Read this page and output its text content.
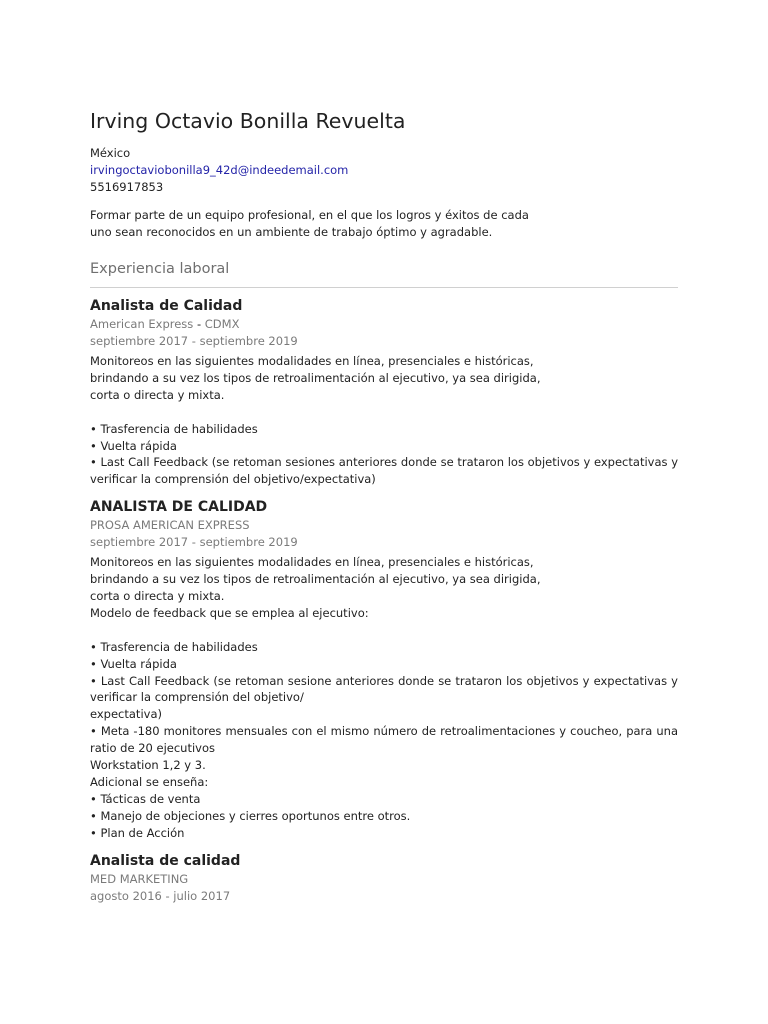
Irving Octavio Bonilla Revuelta
México
irvingoctaviobonilla9_42d@indeedemail.com
5516917853
Formar parte de un equipo profesional, en el que los logros y éxitos de cada
uno sean reconocidos en un ambiente de trabajo óptimo y agradable.
Experiencia laboral
Analista de Calidad
American Express - CDMX
septiembre 2017 - septiembre 2019
Monitoreos en las siguientes modalidades en línea, presenciales e históricas,
brindando a su vez los tipos de retroalimentación al ejecutivo, ya sea dirigida,
corta o directa y mixta.
• Trasferencia de habilidades
• Vuelta rápida
• Last Call Feedback (se retoman sesiones anteriores donde se trataron los objetivos y expectativas y verificar la comprensión del objetivo/expectativa)
ANALISTA DE CALIDAD
PROSA AMERICAN EXPRESS
septiembre 2017 - septiembre 2019
Monitoreos en las siguientes modalidades en línea, presenciales e históricas,
brindando a su vez los tipos de retroalimentación al ejecutivo, ya sea dirigida,
corta o directa y mixta.
Modelo de feedback que se emplea al ejecutivo:
• Trasferencia de habilidades
• Vuelta rápida
• Last Call Feedback (se retoman sesione anteriores donde se trataron los objetivos y expectativas y verificar la comprensión del objetivo/
expectativa)
• Meta -180 monitores mensuales con el mismo número de retroalimentaciones y coucheo, para una ratio de 20 ejecutivos
Workstation 1,2 y 3.
Adicional se enseña:
• Tácticas de venta
• Manejo de objeciones y cierres oportunos entre otros.
• Plan de Acción
Analista de calidad
MED MARKETING
agosto 2016 - julio 2017
